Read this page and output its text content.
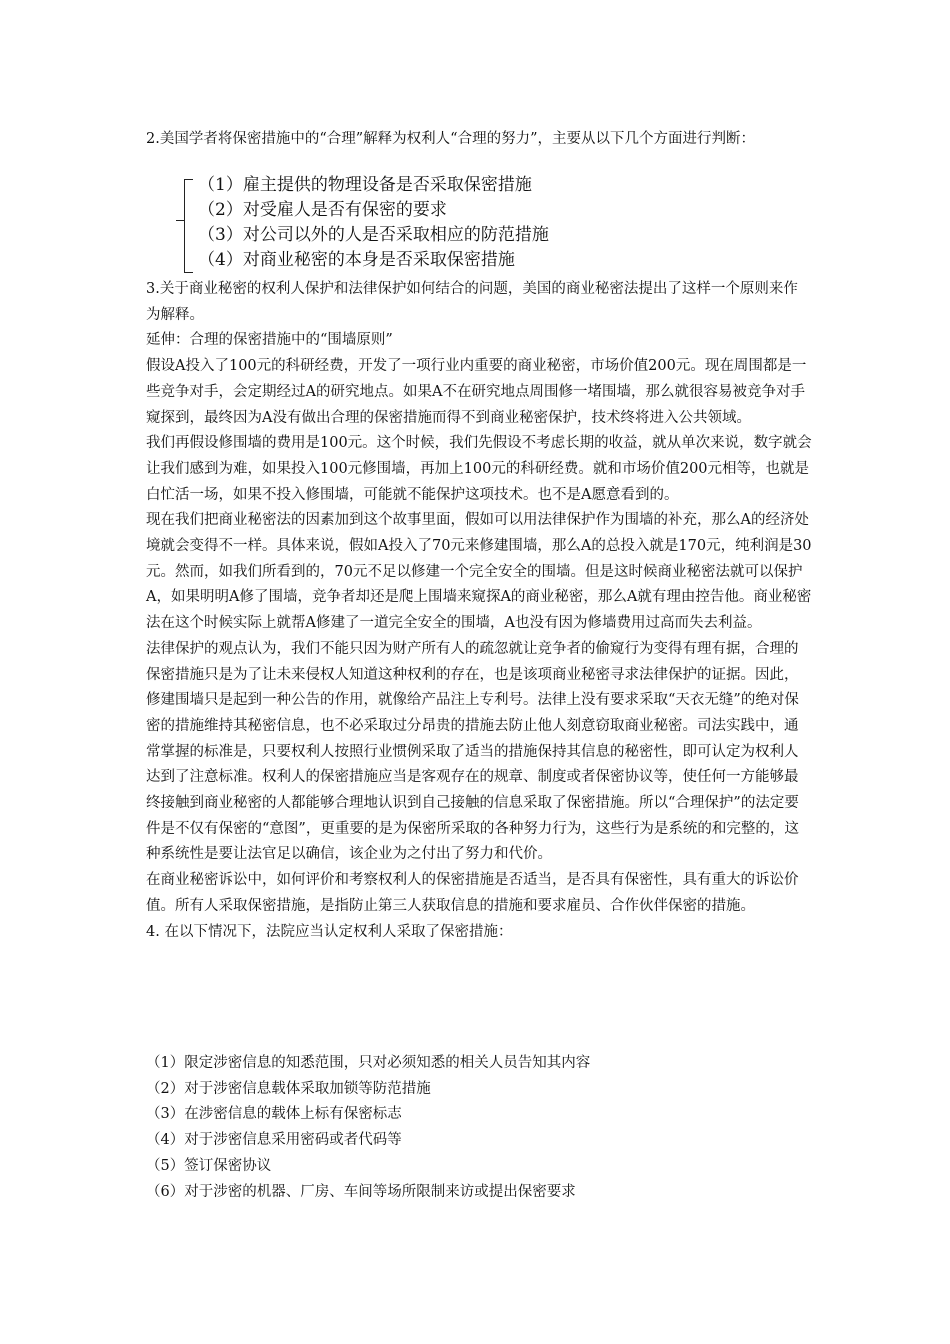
2.美国学者将保密措施中的“合理”解释为权利人“合理的努力”，主要从以下几个方面进行判断：

（1）雇主提供的物理设备是否采取保密措施
（2）对受雇人是否有保密的要求
（3）对公司以外的人是否采取相应的防范措施
（4）对商业秘密的本身是否采取保密措施

3.关于商业秘密的权利人保护和法律保护如何结合的问题，美国的商业秘密法提出了这样一个原则来作为解释。

延伸：合理的保密措施中的“围墙原则”

假设A投入了100元的科研经费，开发了一项行业内重要的商业秘密，市场价值200元。现在周围都是一些竞争对手，会定期经过A的研究地点。如果A不在研究地点周围修一堵围墙，那么就很容易被竞争对手窥探到，最终因为A没有做出合理的保密措施而得不到商业秘密保护，技术终将进入公共领域。

我们再假设修围墙的费用是100元。这个时候，我们先假设不考虑长期的收益，就从单次来说，数字就会让我们感到为难，如果投入100元修围墙，再加上100元的科研经费。就和市场价值200元相等，也就是白忙活一场，如果不投入修围墙，可能就不能保护这项技术。也不是A愿意看到的。

现在我们把商业秘密法的因素加到这个故事里面，假如可以用法律保护作为围墙的补充，那么A的经济处境就会变得不一样。具体来说，假如A投入了70元来修建围墙，那么A的总投入就是170元，纯利润是30元。然而，如我们所看到的，70元不足以修建一个完全安全的围墙。但是这时候商业秘密法就可以保护A，如果明明A修了围墙，竞争者却还是爬上围墙来窥探A的商业秘密，那么A就有理由控告他。商业秘密法在这个时候实际上就帮A修建了一道完全安全的围墙，A也没有因为修墙费用过高而失去利益。

法律保护的观点认为，我们不能只因为财产所有人的疏忽就让竞争者的偷窥行为变得有理有据，合理的保密措施只是为了让未来侵权人知道这种权利的存在，也是该项商业秘密寻求法律保护的证据。因此，修建围墙只是起到一种公告的作用，就像给产品注上专利号。法律上没有要求采取“天衣无缝”的绝对保密的措施维持其秘密信息，也不必采取过分昂贵的措施去防止他人刻意窃取商业秘密。司法实践中，通常掌握的标准是，只要权利人按照行业惯例采取了适当的措施保持其信息的秘密性，即可认定为权利人达到了注意标准。权利人的保密措施应当是客观存在的规章、制度或者保密协议等，使任何一方能够最终接触到商业秘密的人都能够合理地认识到自己接触的信息采取了保密措施。所以“合理保护”的法定要件是不仅有保密的“意图”，更重要的是为保密所采取的各种努力行为，这些行为是系统的和完整的，这种系统性是要让法官足以确信，该企业为之付出了努力和代价。

在商业秘密诉讼中，如何评价和考察权利人的保密措施是否适当，是否具有保密性，具有重大的诉讼价值。所有人采取保密措施，是指防止第三人获取信息的措施和要求雇员、合作伙伴保密的措施。

4. 在以下情况下，法院应当认定权利人采取了保密措施：

（1）限定涉密信息的知悉范围，只对必须知悉的相关人员告知其内容
（2）对于涉密信息载体采取加锁等防范措施
（3）在涉密信息的载体上标有保密标志
（4）对于涉密信息采用密码或者代码等
（5）签订保密协议
（6）对于涉密的机器、厂房、车间等场所限制来访或提出保密要求
